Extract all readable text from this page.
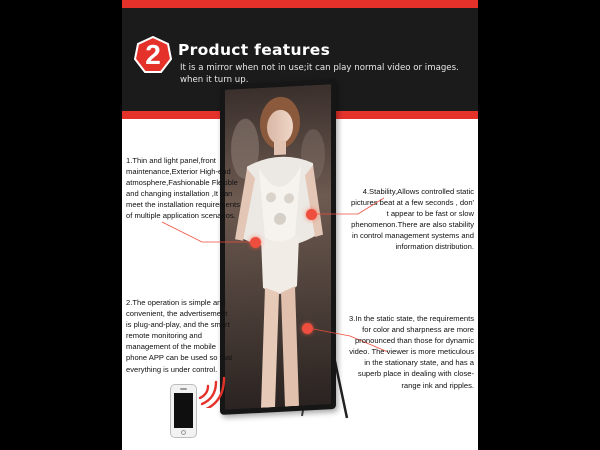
2	Product features
It is a mirror when not in use;it can play normal video or images. when it turn up.
1.Thin and light panel,front maintenance,Exterior High-end atmosphere,Fashionable Flexible and changing installation ,It can meet the installation requirements of multiple application scenarios.
2.The operation is simple and convenient, the advertisement is plug-and-play, and the smart remote monitoring and management of the mobile phone APP can be used so that everything is under control.
4.Stability,Allows controlled static pictures beat at a few seconds , don' t appear to be fast or slow phenomenon.There are also stability in control management systems and information distribution.
3.In the static state, the requirements for color and sharpness are more pronounced than those for dynamic video. The viewer is more meticulous in the stationary state, and has a superb place in dealing with close-range ink and ripples.
